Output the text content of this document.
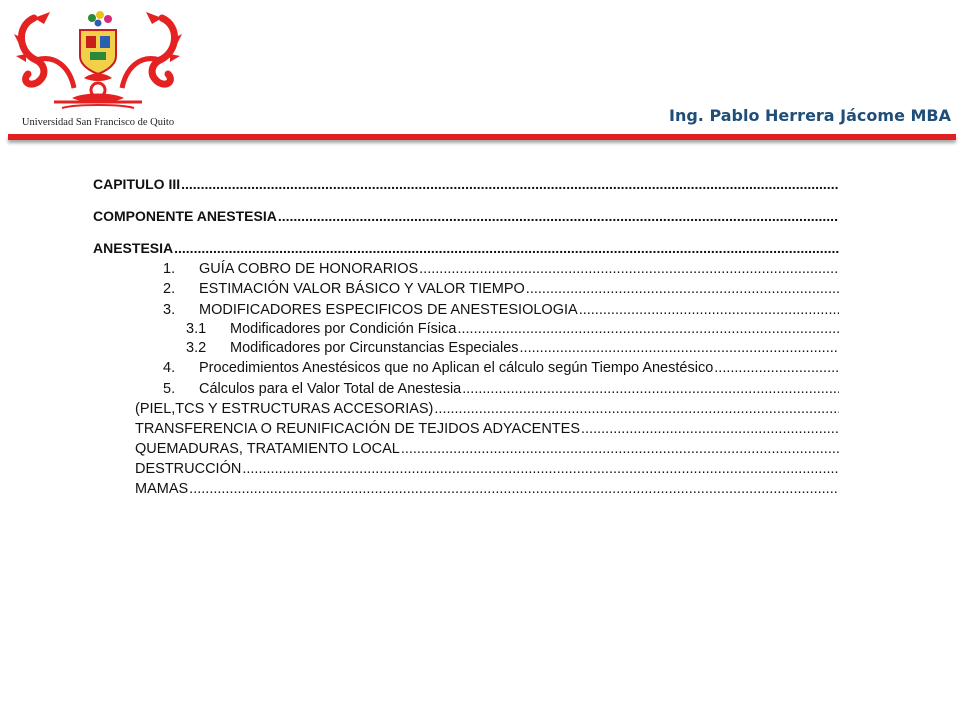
Universidad San Francisco de Quito	Ing. Pablo Herrera Jácome MBA
CAPITULO III
.....
COMPONENTE ANESTESIA
.....
ANESTESIA
.....
1. GUÍA COBRO DE HONORARIOS
.....
2. ESTIMACIÓN VALOR BÁSICO Y VALOR TIEMPO
.....
3. MODIFICADORES ESPECIFICOS DE ANESTESIOLOGIA
.....
3.1 Modificadores por Condición Física
.....
3.2 Modificadores por Circunstancias Especiales
.....
4. Procedimientos Anestésicos que no Aplican el cálculo según Tiempo Anestésico
.....
5. Cálculos para el Valor Total de Anestesia
.....
(PIEL,TCS Y ESTRUCTURAS ACCESORIAS)
.....
TRANSFERENCIA O REUNIFICACIÓN DE TEJIDOS ADYACENTES
.....
QUEMADURAS, TRATAMIENTO LOCAL
.....
DESTRUCCIÓN
.....
MAMAS
.....
